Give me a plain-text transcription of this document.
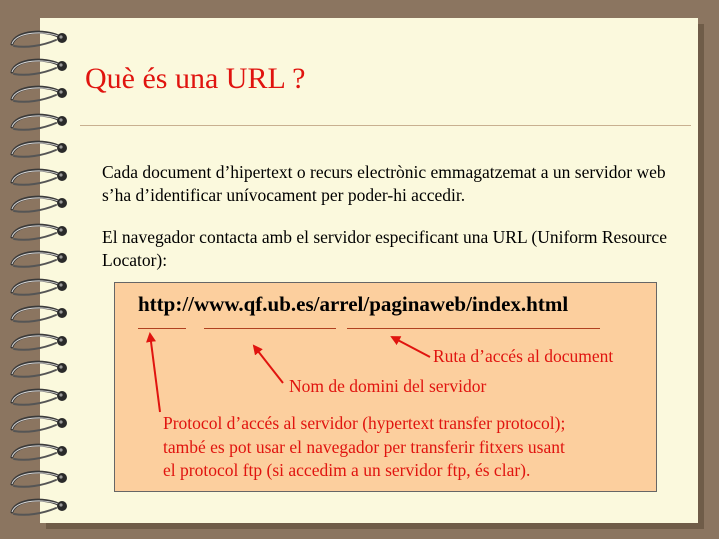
Què és una URL ?
Cada document d’hipertext o recurs electrònic emmagatzemat a un servidor web s’ha d’identificar unívocament per poder-hi accedir.
El navegador contacta amb el servidor especificant una URL (Uniform Resource Locator):
http://www.qf.ub.es/arrel/paginaweb/index.html
Ruta d’accés al document
Nom de domini del servidor
Protocol d’accés al servidor (hypertext transfer protocol);
també es pot usar el navegador per transferir fitxers usant
el protocol ftp (si accedim a un servidor ftp, és clar).
